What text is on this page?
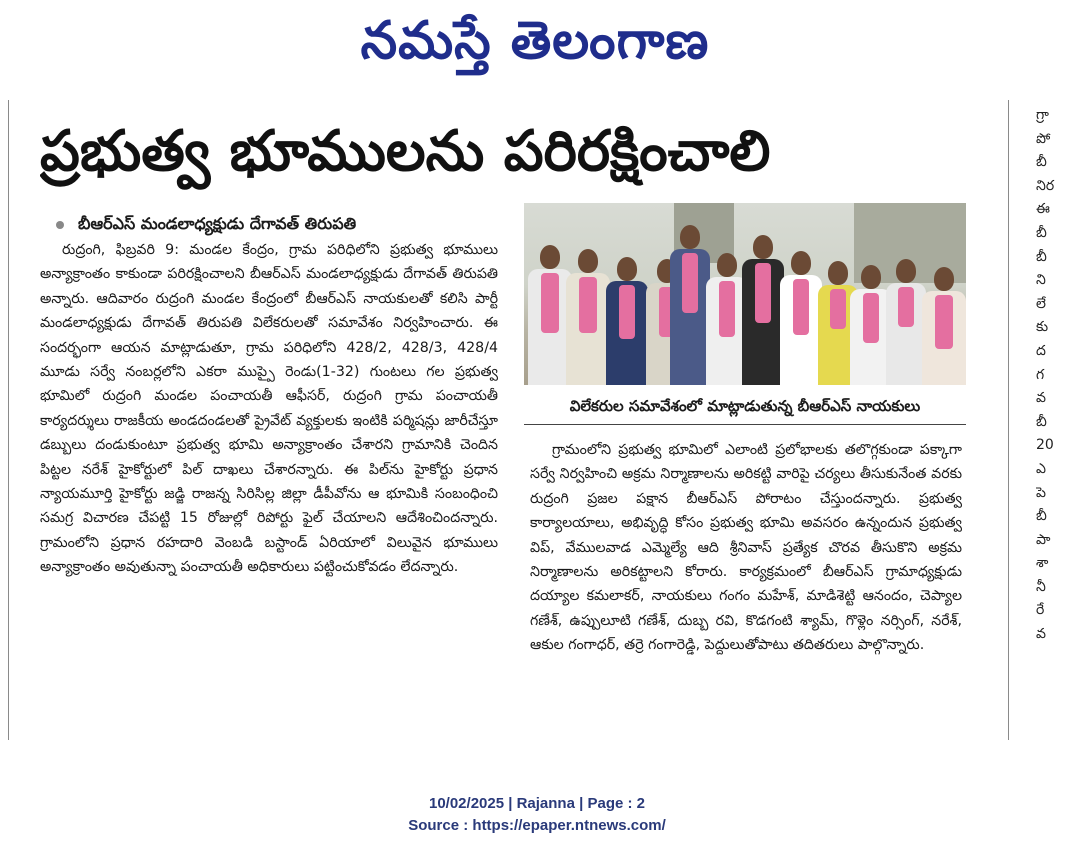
నమస్తే తెలంగాణ
ప్రభుత్వ భూములను పరిరక్షించాలి
బీఆర్ఎస్ మండలాధ్యక్షుడు దేగావత్ తిరుపతి

రుద్రంగి, ఫిబ్రవరి 9: మండల కేంద్రం, గ్రామ పరిధిలోని ప్రభుత్వ భూములు అన్యాక్రాంతం కాకుండా పరిరక్షించాలని బీఆర్ఎస్ మండలాధ్యక్షుడు దేగావత్ తిరుపతి అన్నారు. ఆదివారం రుద్రంగి మండల కేంద్రంలో బీఆర్ఎస్ నాయకులతో కలిసి పార్టీ మండలాధ్యక్షుడు దేగావత్ తిరుపతి విలేకరులతో సమావేశం నిర్వహించారు. ఈ సందర్భంగా ఆయన మాట్లాడుతూ, గ్రామ పరిధిలోని 428/2, 428/3, 428/4 మూడు సర్వే నంబర్లలోని ఎకరా ముప్పై రెండు(1-32) గుంటలు గల ప్రభుత్వ భూమిలో రుద్రంగి మండల పంచాయతీ ఆఫీసర్, రుద్రంగి గ్రామ పంచాయతీ కార్యదర్శులు రాజకీయ అండదండలతో ప్రైవేట్ వ్యక్తులకు ఇంటికి పర్మిషన్లు జారీచేస్తూ డబ్బులు దండుకుంటూ ప్రభుత్వ భూమి అన్యాక్రాంతం చేశారని గ్రామానికి చెందిన పిట్టల నరేశ్ హైకోర్టులో పిల్ దాఖలు చేశారన్నారు. ఈ పిల్‌ను హైకోర్టు ప్రధాన న్యాయమూర్తి హైకోర్టు జడ్జి రాజన్న సిరిసిల్ల జిల్లా డీపీవోను ఆ భూమికి సంబంధించి సమగ్ర విచారణ చేపట్టి 15 రోజుల్లో రిపోర్టు ఫైల్ చేయాలని ఆదేశించిందన్నారు. గ్రామంలోని ప్రధాన రహదారి వెంబడి బస్టాండ్ ఏరియాలో విలువైన భూములు అన్యాక్రాంతం అవుతున్నా పంచాయతీ అధికారులు పట్టించుకోవడం లేదన్నారు.

విలేకరుల సమావేశంలో మాట్లాడుతున్న బీఆర్ఎస్ నాయకులు

గ్రామంలోని ప్రభుత్వ భూమిలో ఎలాంటి ప్రలోభాలకు తలొగ్గకుండా పక్కాగా సర్వే నిర్వహించి అక్రమ నిర్మాణాలను అరికట్టి వారిపై చర్యలు తీసుకునేంత వరకు రుద్రంగి ప్రజల పక్షాన బీఆర్ఎస్ పోరాటం చేస్తుందన్నారు. ప్రభుత్వ కార్యాలయాలు, అభివృద్ధి కోసం ప్రభుత్వ భూమి అవసరం ఉన్నందున ప్రభుత్వ విప్, వేములవాడ ఎమ్మెల్యే ఆది శ్రీనివాస్ ప్రత్యేక చొరవ తీసుకొని అక్రమ నిర్మాణాలను అరికట్టాలని కోరారు. కార్యక్రమంలో బీఆర్ఎస్ గ్రామాధ్యక్షుడు దయ్యాల కమలాకర్, నాయకులు గంగం మహేశ్, మాడిశెట్టి ఆనందం, చెప్యాల గణేశ్, ఉప్పులూటి గణేశ్, దుబ్బ రవి, కొడగంటి శ్యామ్, గొళ్లెం నర్సింగ్, నరేశ్, ఆకుల గంగాధర్, తర్రె గంగారెడ్డి, పెద్దులుతోపాటు తదితరులు పాల్గొన్నారు.

గ్రా
పో
బీ
నిర
ఈ
బీ
బీ
ని
లే
కు
ద
గ
వ
బీ
20
ఎ
పె
బీ
పా
శా
నీ
రే
వ
10/02/2025 | Rajanna | Page : 2
Source : https://epaper.ntnews.com/
